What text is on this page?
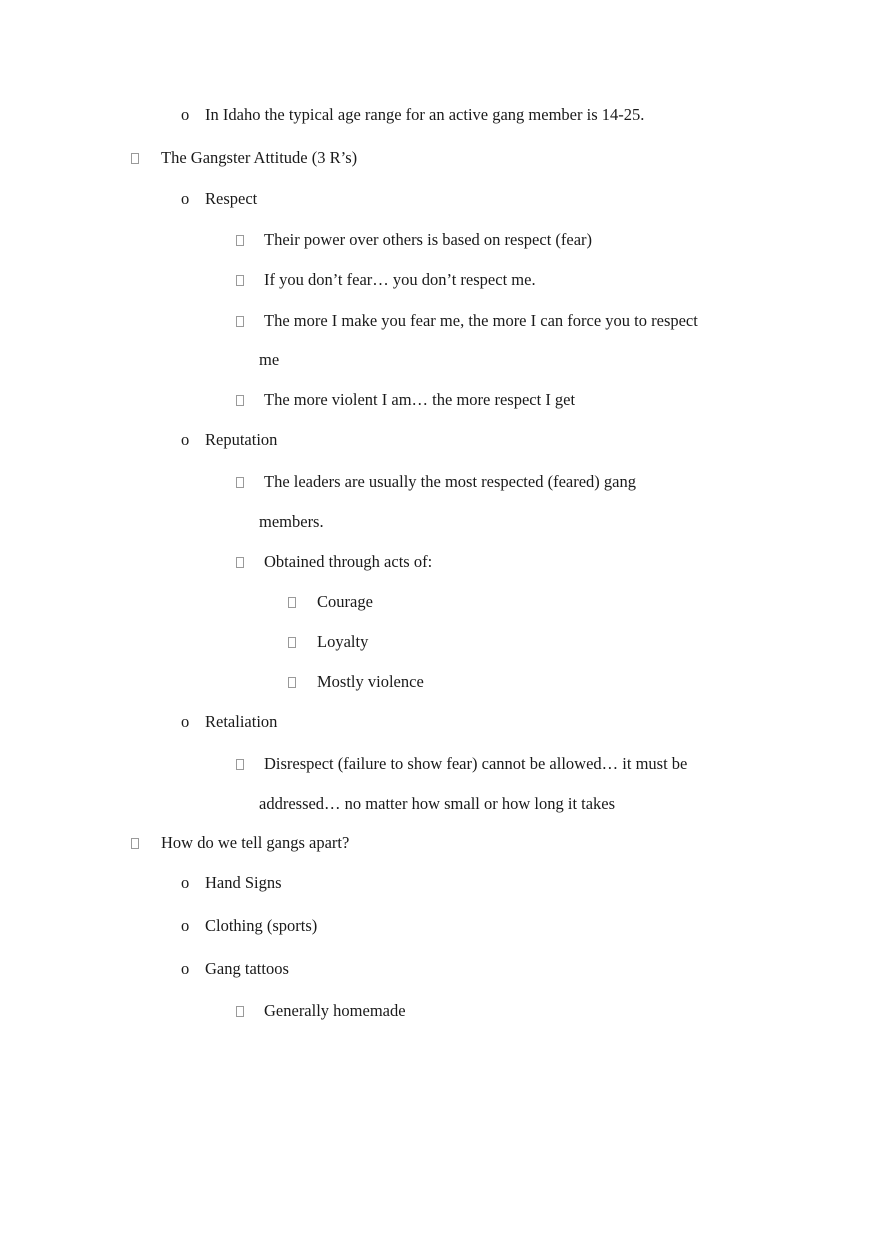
o In Idaho the typical age range for an active gang member is 14-25.
The Gangster Attitude (3 R’s)
o Respect
Their power over others is based on respect (fear)
If you don’t fear… you don’t respect me.
The more I make you fear me, the more I can force you to respect
me
The more violent I am… the more respect I get
o Reputation
The leaders are usually the most respected (feared) gang
members.
Obtained through acts of:
Courage
Loyalty
Mostly violence
o Retaliation
Disrespect (failure to show fear) cannot be allowed… it must be
addressed… no matter how small or how long it takes
How do we tell gangs apart?
o Hand Signs
o Clothing (sports)
o Gang tattoos
Generally homemade
